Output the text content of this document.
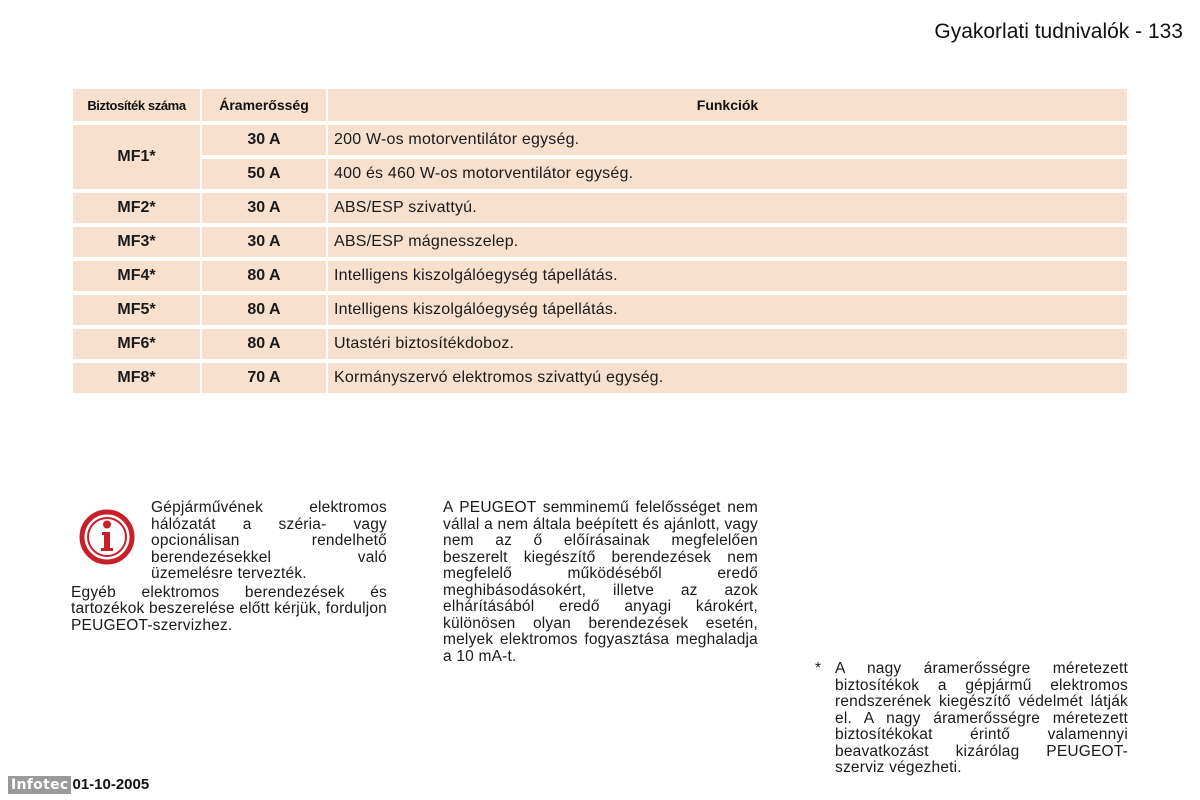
Gyakorlati tudnivalók - 133
Biztosíték száma	Áramerősség	Funkciók
MF1*	30 A	200 W-os motorventilátor egység.
	50 A	400 és 460 W-os motorventilátor egység.
MF2*	30 A	ABS/ESP szivattyú.
MF3*	30 A	ABS/ESP mágnesszelep.
MF4*	80 A	Intelligens kiszolgálóegység tápellátás.
MF5*	80 A	Intelligens kiszolgálóegység tápellátás.
MF6*	80 A	Utastéri biztosítékdoboz.
MF8*	70 A	Kormányszervó elektromos szivattyú egység.
Gépjárművének elektromos hálózatát a széria- vagy opcionálisan rendelhető berendezésekkel való üzemelésre tervezték.
Egyéb elektromos berendezések és tartozékok beszerelése előtt kérjük, forduljon PEUGEOT-szervizhez.
A PEUGEOT semminemű felelősséget nem vállal a nem általa beépített és ajánlott, vagy nem az ő előírásainak megfelelően beszerelt kiegészítő berendezések nem megfelelő működéséből eredő meghibásodásokért, illetve az azok elhárításából eredő anyagi károkért, különösen olyan berendezések esetén, melyek elektromos fogyasztása meghaladja a 10 mA-t.
* A nagy áramerősségre méretezett biztosítékok a gépjármű elektromos rendszerének kiegészítő védelmét látják el. A nagy áramerősségre méretezett biztosítékokat érintő valamennyi beavatkozást kizárólag PEUGEOT-szerviz végezheti.
Infotec 01-10-2005
